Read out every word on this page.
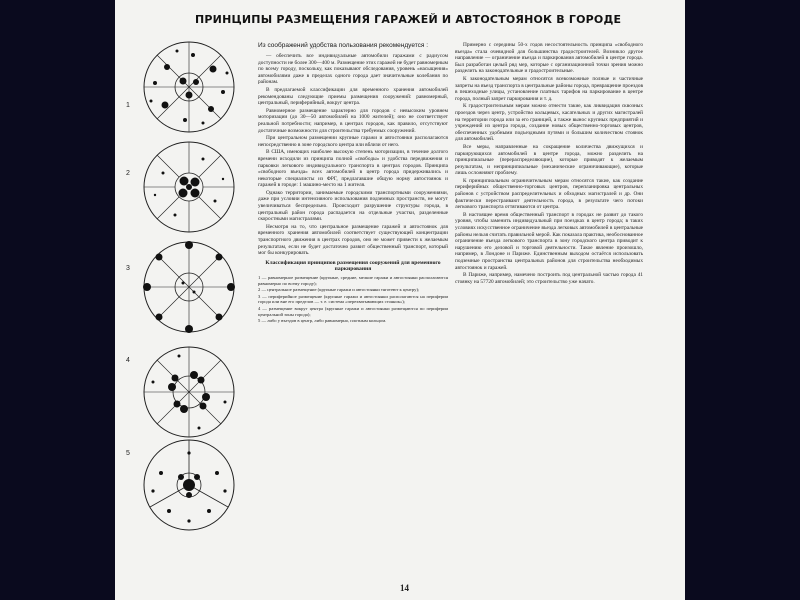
ПРИНЦИПЫ РАЗМЕЩЕНИЯ ГАРАЖЕЙ И АВТОСТОЯНОК В ГОРОДЕ
1
2
3
4
5

Из соображений удобства пользования рекомендуется :

— обеспечить все индивидуальные автомобили гаражами с радиусом доступности не более 300—400 м. Размещение этих гаражей не будет равномерным по всему городу, поскольку, как показывают обследования, уровень «насыщения» автомобилями даже в пределах одного города дает значительные колебания по районам.

В предлагаемой классификации для временного хранения автомобилей рекомендованы следующие приемы размещения сооружений: равномерный, центральный, периферийный, вокруг центра.

Равномерное размещение характерно для городов с невысоким уровнем моторизации (до 30—50 автомобилей на 1000 жителей); оно не соответствует реальной потребности; например, в центрах городов, как правило, отсутствуют достаточные возможности для строительства требуемых сооружений.

При центральном размещении крупные гаражи и автостоянки располагаются непосредственно в зоне городского центра или вблизи от него.

В США, имеющих наиболее высокую степень моторизации, в течение долгого времени исходили из принципа полной «свободы» и удобства передвижения и парковки легкового индивидуального транспорта в центрах городов. Принципа «свободного въезда» всех автомобилей в центр города придерживались и некоторые специалисты из ФРГ, предлагавшие общую норму автостоянок и гаражей в городе: 1 машино-место на 1 жителя.

Однако территории, занимаемые городскими транспортными сооружениями, даже при условии интенсивного использования подземных пространств, не могут увеличиваться беспредельно. Происходит разрушение структуры города, в центральный район города распадается на отдельные участки, разделенные скоростными магистралями.

Несмотря на то, что центральное размещение гаражей и автостоянок для временного хранения автомобилей соответствует существующей концентрации транспортного движения в центрах городов, оно не может привести к желаемым результатам, если не будет достаточно развит общественный транспорт, который мог бы конкурировать.

Классификация принципов размещения сооружений для временного паркирования

1 — равномерное размещение (крупные, средние, мелкие гаражи и автостоянки располагаются равномерно по всему городу);

2 — центральное размещение (крупные гаражи и автостоянки тяготеют к центру);

3 — периферийное размещение (крупные гаражи и автостоянки располагаются на периферии города или вне его пределов — т. е. система «перехватывающих стоянок»);

4 — размещение вокруг центра (крупные гаражи и автостоянки размещаются по периферии центральной зоны города);

5 — либо у въездов в центр, либо равномерно, плотным кольцом.

Примерно с середины 50-х годов несостоятельность принципа «свободного въезда» стала очевидной для большинства градостроителей. Возникло другое направление — ограничение въезда и паркирования автомобилей в центре города. Был разработан целый ряд мер, которые с организационной точки зрения можно разделить на законодательные и градостроительные.

К законодательным мерам относятся всевозможные полные и частичные запреты на въезд транспорта в центральные районы города, превращение проездов в пешеходные улицы, установление платных тарифов на паркирование в центре города, полный запрет паркирования и т. д.

К градостроительным мерам можно отнести такие, как ликвидация сквозных проездов через центр, устройство кольцевых, касательных и других магистралей на территории города или за его границей, а также вынос крупных предприятий и учреждений из центра города, создание новых общественно-торговых центров, обеспеченных удобными подъездными путями и большим количеством стоянок для автомобилей.

Все меры, направленные на сокращение количества движущихся и паркирующихся автомобилей в центре города, можно разделить на принципиальные (перераспределяющие), которые приводят к желаемым результатам, и непринципиальные (механические ограничивающие), которые лишь осложняют проблему.

К принципиальным ограничительным мерам относятся такие, как создание периферийных общественно-торговых центров, перепланировка центральных районов с устройством распределительных и обходных магистралей и др. Они фактически перестраивают деятельность города, в результате чего потоки легкового транспорта оттягиваются от центра.

В настоящее время общественный транспорт в городах не развит до такого уровня, чтобы заменить индивидуальный при поездках в центр города; в таких условиях искусственное ограничение въезда легковых автомобилей в центральные районы нельзя считать правильной мерой. Как показала практика, необоснованное ограничение въезда легкового транспорта в зону городского центра приводит к нарушению его деловой и торговой деятельности. Такое явление произошло, например, в Лондоне и Париже. Единственным выходом остаётся использовать подземные пространства центральных районов для строительства необходимых автостоянок и гаражей.

В Париже, например, намечено построить под центральной частью города 41 стоянку на 57720 автомобилей; это строительство уже начато.

14
